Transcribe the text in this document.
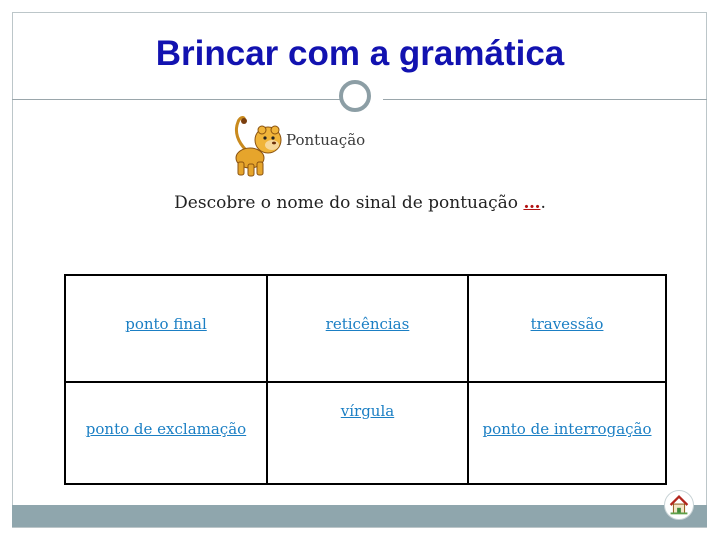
Brincar com a gramática
Pontuação
Descobre o nome do sinal de pontuação ….
ponto final	reticências	travessão
ponto de exclamação
vírgula
ponto de interrogação
